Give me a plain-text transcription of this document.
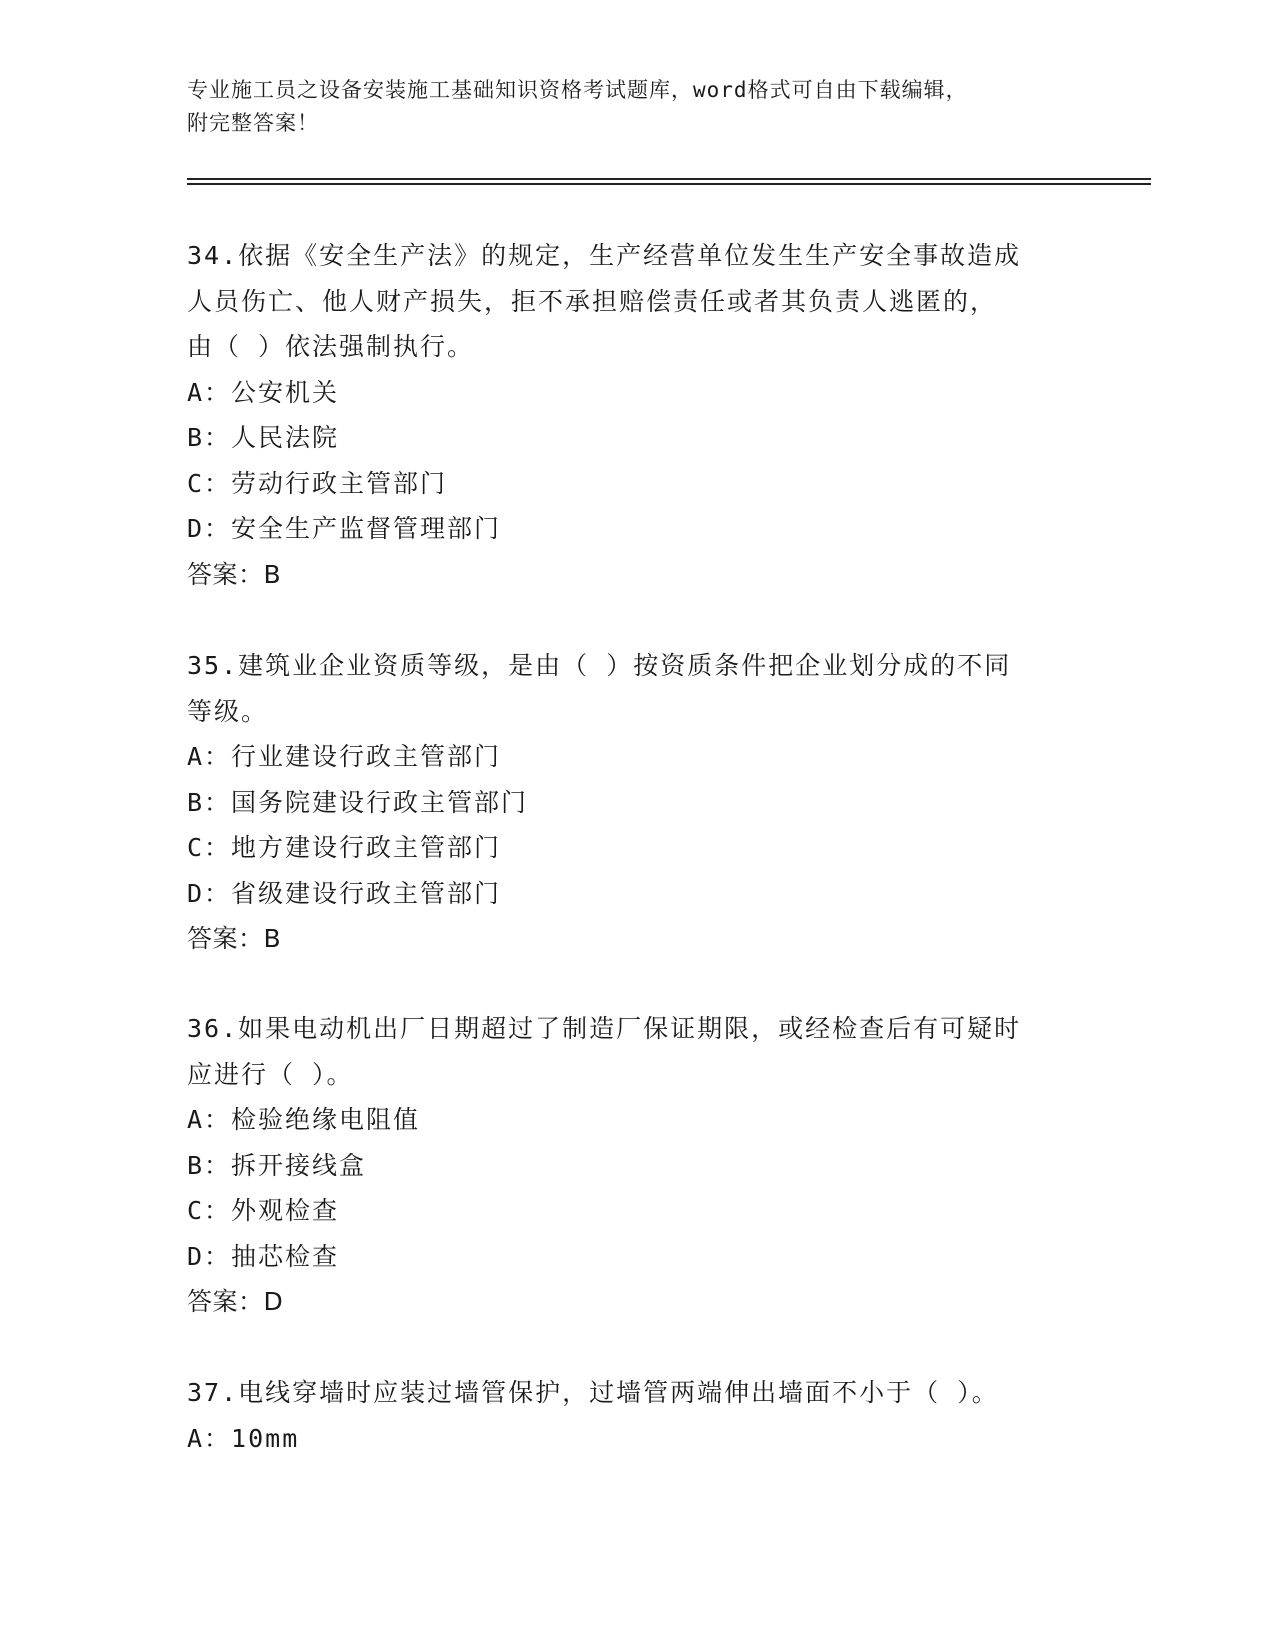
专业施工员之设备安装施工基础知识资格考试题库，word格式可自由下载编辑，
附完整答案！
34.依据《安全生产法》的规定，生产经营单位发生生产安全事故造成
人员伤亡、他人财产损失，拒不承担赔偿责任或者其负责人逃匿的，
由（ ）依法强制执行。
A：公安机关
B：人民法院
C：劳动行政主管部门
D：安全生产监督管理部门
答案：B
35.建筑业企业资质等级，是由（ ）按资质条件把企业划分成的不同
等级。
A：行业建设行政主管部门
B：国务院建设行政主管部门
C：地方建设行政主管部门
D：省级建设行政主管部门
答案：B
36.如果电动机出厂日期超过了制造厂保证期限，或经检查后有可疑时
应进行（ ）。
A：检验绝缘电阻值
B：拆开接线盒
C：外观检查
D：抽芯检查
答案：D
37.电线穿墙时应装过墙管保护，过墙管两端伸出墙面不小于（ ）。
A：10mm
